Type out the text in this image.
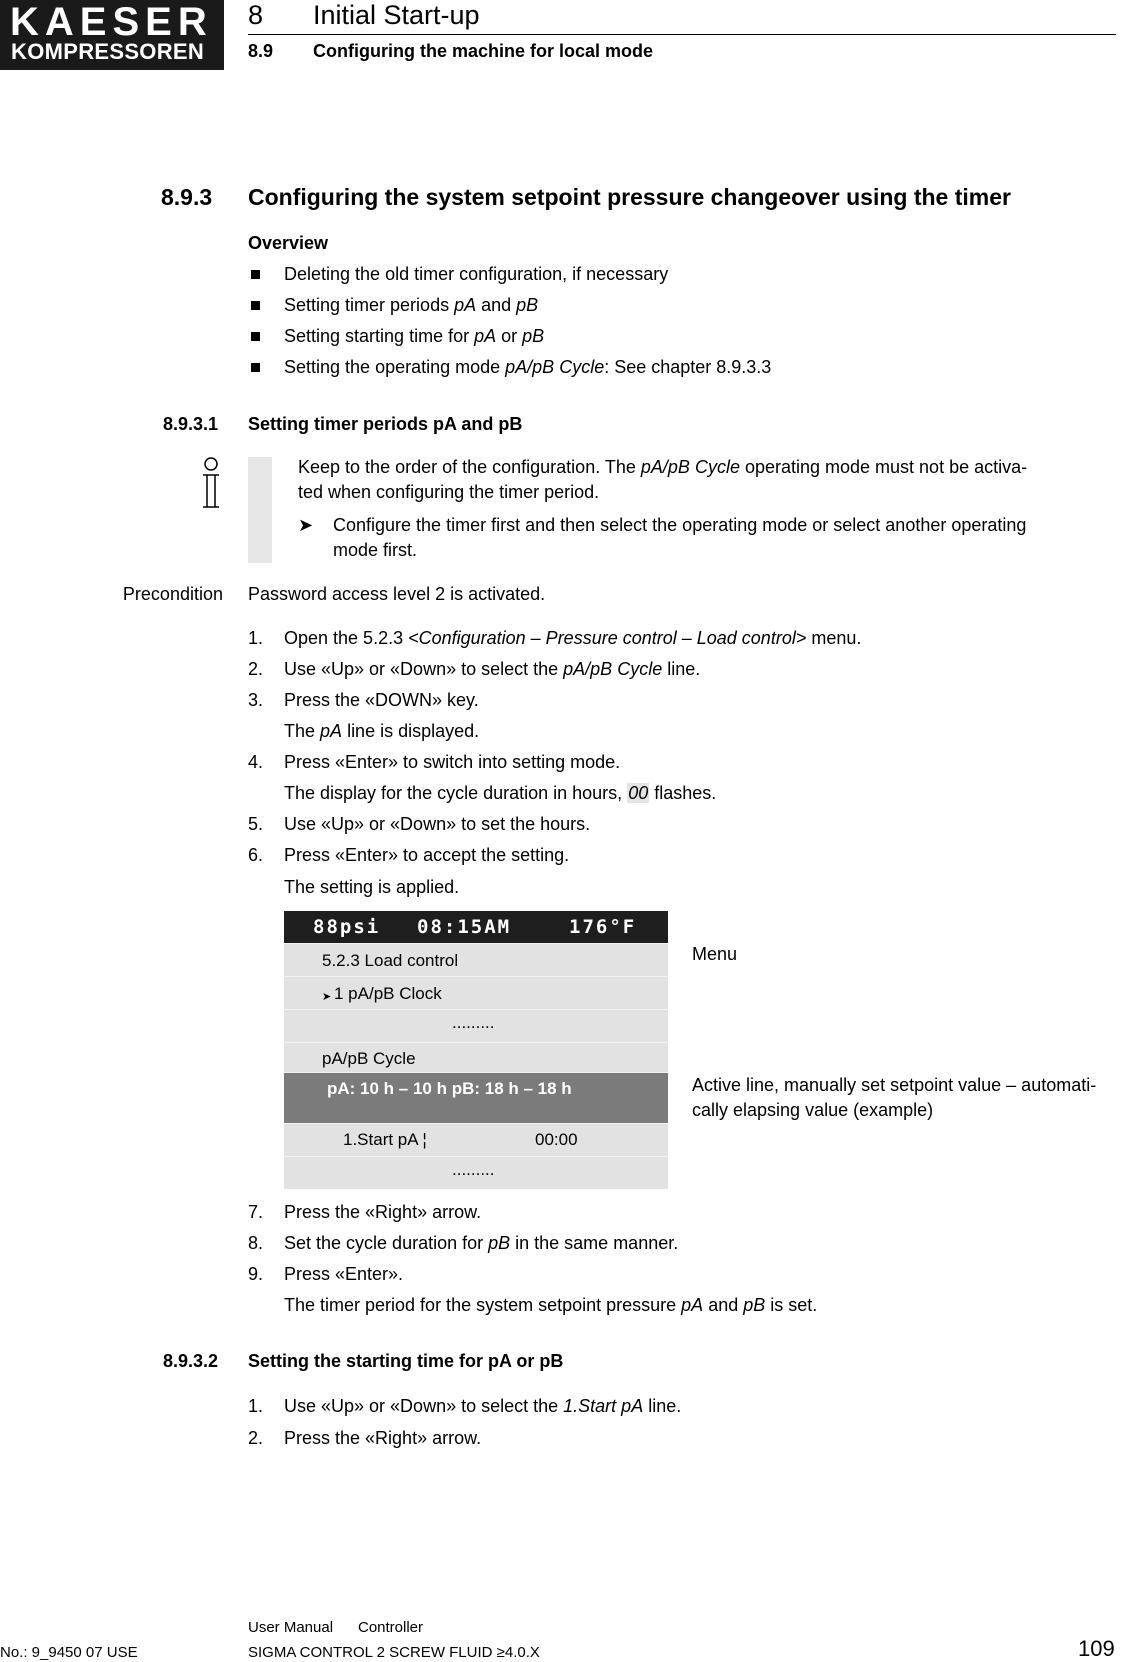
KAESER
KOMPRESSOREN
8 Initial Start-up
8.9 Configuring the machine for local mode
8.9.3 Configuring the system setpoint pressure changeover using the timer
Overview
Deleting the old timer configuration, if necessary
Setting timer periods pA and pB
Setting starting time for pA or pB
Setting the operating mode pA/pB Cycle: See chapter 8.9.3.3
8.9.3.1 Setting timer periods pA and pB
Keep to the order of the configuration. The pA/pB Cycle operating mode must not be activa-
ted when configuring the timer period.
➤ Configure the timer first and then select the operating mode or select another operating
mode first.
Precondition Password access level 2 is activated.
1. Open the 5.2.3 <Configuration – Pressure control – Load control> menu.
2. Use «Up» or «Down» to select the pA/pB Cycle line.
3. Press the «DOWN» key.
The pA line is displayed.
4. Press «Enter» to switch into setting mode.
The display for the cycle duration in hours, 00 flashes.
5. Use «Up» or «Down» to set the hours.
6. Press «Enter» to accept the setting.
The setting is applied.
88psi 08:15AM	176°F
5.2.3 Load control
➤ 1 pA/pB Clock
.........
pA/pB Cycle
pA: 10 h – 10 h pB: 18 h – 18 h
1.Start pA ¦	00:00
.........
Menu
Active line, manually set setpoint value – automati-
cally elapsing value (example)
7. Press the «Right» arrow.
8. Set the cycle duration for pB in the same manner.
9. Press «Enter».
The timer period for the system setpoint pressure pA and pB is set.
8.9.3.2 Setting the starting time for pA or pB
1. Use «Up» or «Down» to select the 1.Start pA line.
2. Press the «Right» arrow.
User Manual Controller
No.: 9_9450 07 USE	SIGMA CONTROL 2 SCREW FLUID ≥4.0.X	109
